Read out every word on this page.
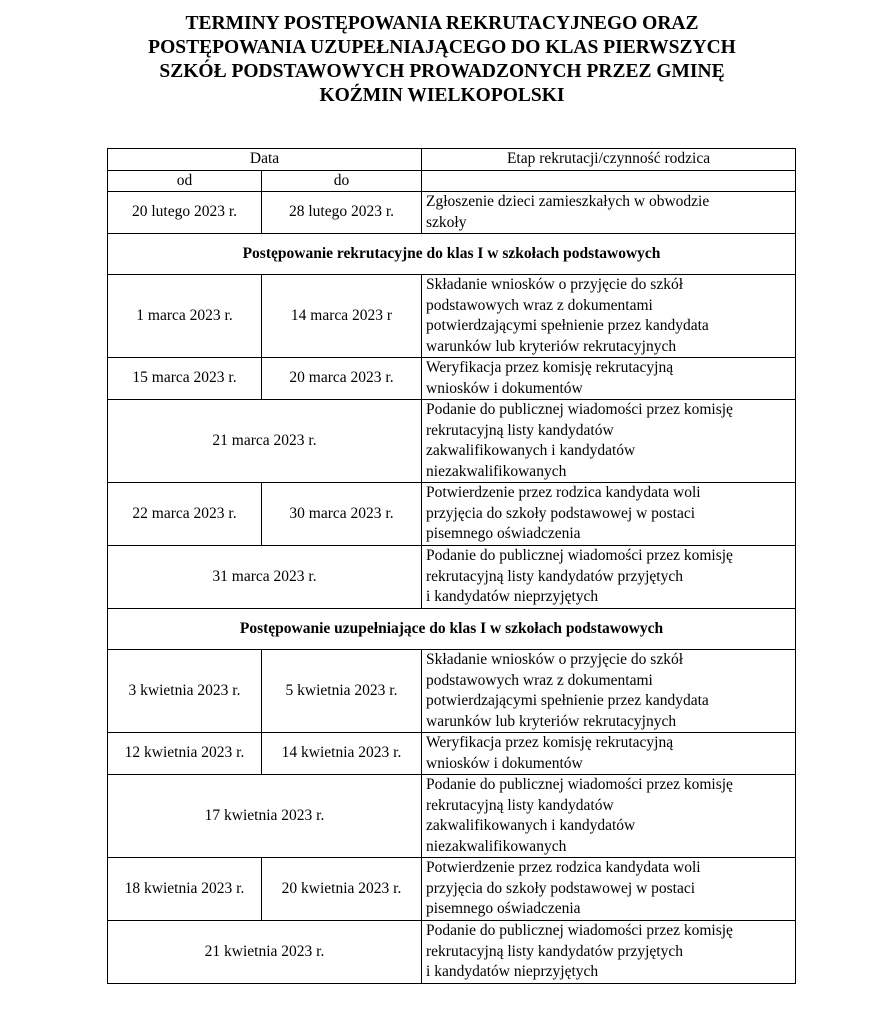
TERMINY POSTĘPOWANIA REKRUTACYJNEGO ORAZ
POSTĘPOWANIA UZUPEŁNIAJĄCEGO DO KLAS PIERWSZYCH
SZKÓŁ PODSTAWOWYCH PROWADZONYCH PRZEZ GMINĘ
KOŹMIN WIELKOPOLSKI
Data		Etap rekrutacji/czynność rodzica
od	do	
20 lutego 2023 r.	28 lutego 2023 r.	Zgłoszenie dzieci zamieszkałych w obwodzie
szkoły

Postępowanie rekrutacyjne do klas I w szkołach podstawowych		
1 marca 2023 r.	14 marca 2023 r	Składanie wniosków o przyjęcie do szkół
podstawowych wraz z dokumentami
potwierdzającymi spełnienie przez kandydata
warunków lub kryteriów rekrutacyjnych

15 marca 2023 r.	20 marca 2023 r.	Weryfikacja przez komisję rekrutacyjną
wniosków i dokumentów

21 marca 2023 r.		Podanie do publicznej wiadomości przez komisję
rekrutacyjną listy kandydatów
zakwalifikowanych i kandydatów
niezakwalifikowanych

22 marca 2023 r.	30 marca 2023 r.	Potwierdzenie przez rodzica kandydata woli
przyjęcia do szkoły podstawowej w postaci
pisemnego oświadczenia

31 marca 2023 r.		Podanie do publicznej wiadomości przez komisję
rekrutacyjną listy kandydatów przyjętych
i kandydatów nieprzyjętych

Postępowanie uzupełniające do klas I w szkołach podstawowych		
3 kwietnia 2023 r.	5 kwietnia 2023 r.	Składanie wniosków o przyjęcie do szkół
podstawowych wraz z dokumentami
potwierdzającymi spełnienie przez kandydata
warunków lub kryteriów rekrutacyjnych

12 kwietnia 2023 r.	14 kwietnia 2023 r.	Weryfikacja przez komisję rekrutacyjną
wniosków i dokumentów

17 kwietnia 2023 r.		Podanie do publicznej wiadomości przez komisję
rekrutacyjną listy kandydatów
zakwalifikowanych i kandydatów
niezakwalifikowanych

18 kwietnia 2023 r.	20 kwietnia 2023 r.	Potwierdzenie przez rodzica kandydata woli
przyjęcia do szkoły podstawowej w postaci
pisemnego oświadczenia

21 kwietnia 2023 r.		Podanie do publicznej wiadomości przez komisję
rekrutacyjną listy kandydatów przyjętych
i kandydatów nieprzyjętych
